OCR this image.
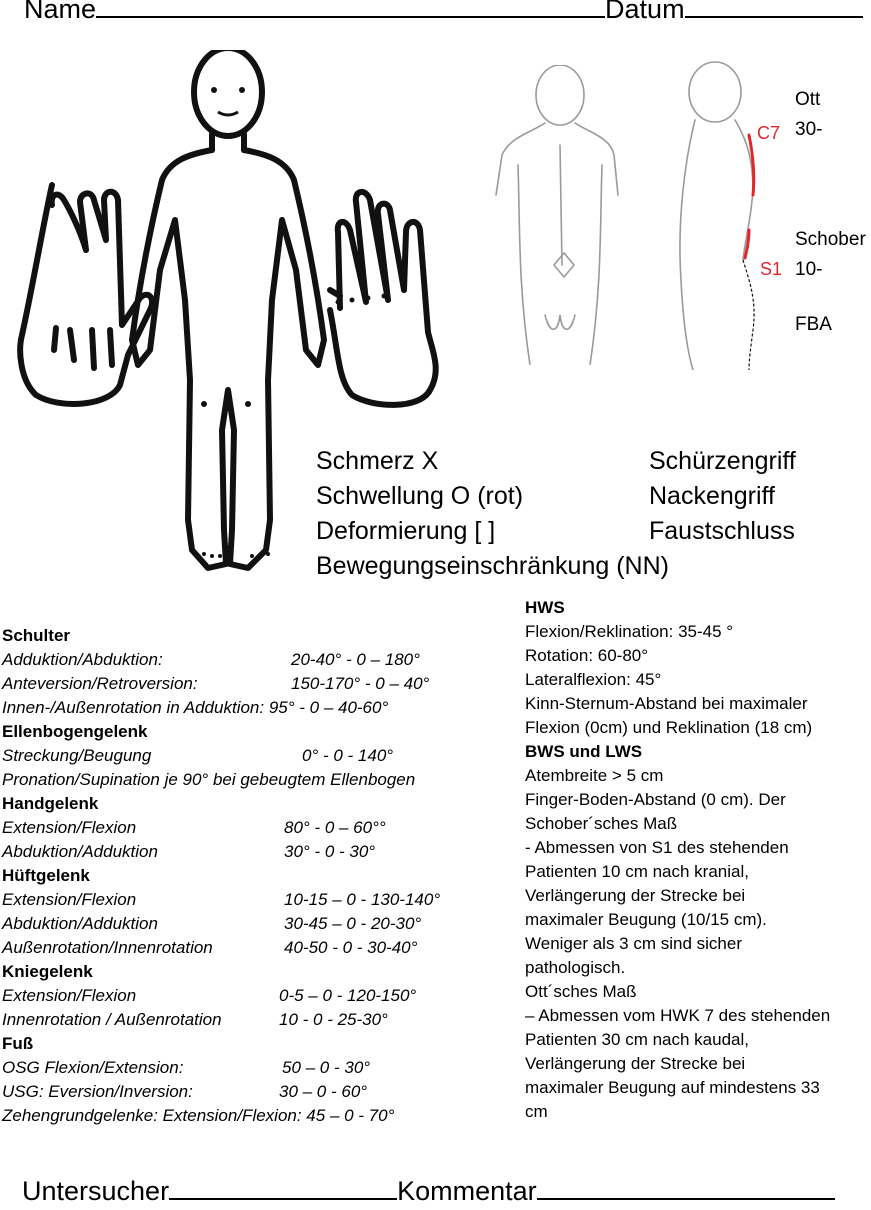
Name	Datum
C7
S1
Ott
30-
Schober
10-
FBA
Schmerz X
Schwellung O (rot)
Deformierung [ ]
Bewegungseinschränkung (NN)
Schürzengriff
Nackengriff
Faustschluss
Schulter
Adduktion/Abduktion:	20-40° - 0 – 180°
Anteversion/Retroversion:	150-170° - 0 – 40°
Innen-/Außenrotation in Adduktion: 95° - 0 – 40-60°
Ellenbogengelenk
Streckung/Beugung	0° - 0 - 140°
Pronation/Supination je 90° bei gebeugtem Ellenbogen
Handgelenk
Extension/Flexion	80° - 0 – 60°°
Abduktion/Adduktion	30° - 0 - 30°
Hüftgelenk
Extension/Flexion	10-15 – 0 - 130-140°
Abduktion/Adduktion	30-45 – 0 - 20-30°
Außenrotation/Innenrotation	40-50 - 0 - 30-40°
Kniegelenk
Extension/Flexion	0-5 – 0 - 120-150°
Innenrotation / Außenrotation	10 - 0 - 25-30°
Fuß
OSG Flexion/Extension:	50 – 0 - 30°
USG: Eversion/Inversion:	30 – 0 - 60°
Zehengrundgelenke: Extension/Flexion: 45 – 0 - 70°
HWS
Flexion/Reklination: 35-45 °
Rotation: 60-80°
Lateralflexion: 45°
Kinn-Sternum-Abstand bei maximaler
Flexion (0cm) und Reklination (18 cm)
BWS und LWS
Atembreite > 5 cm
Finger-Boden-Abstand (0 cm). Der
Schober´sches Maß
- Abmessen von S1 des stehenden
Patienten 10 cm nach kranial,
Verlängerung der Strecke bei
maximaler Beugung (10/15 cm).
Weniger als 3 cm sind sicher
pathologisch.
Ott´sches Maß
– Abmessen vom HWK 7 des stehenden
Patienten 30 cm nach kaudal,
Verlängerung der Strecke bei
maximaler Beugung auf mindestens 33
cm
Untersucher	Kommentar
